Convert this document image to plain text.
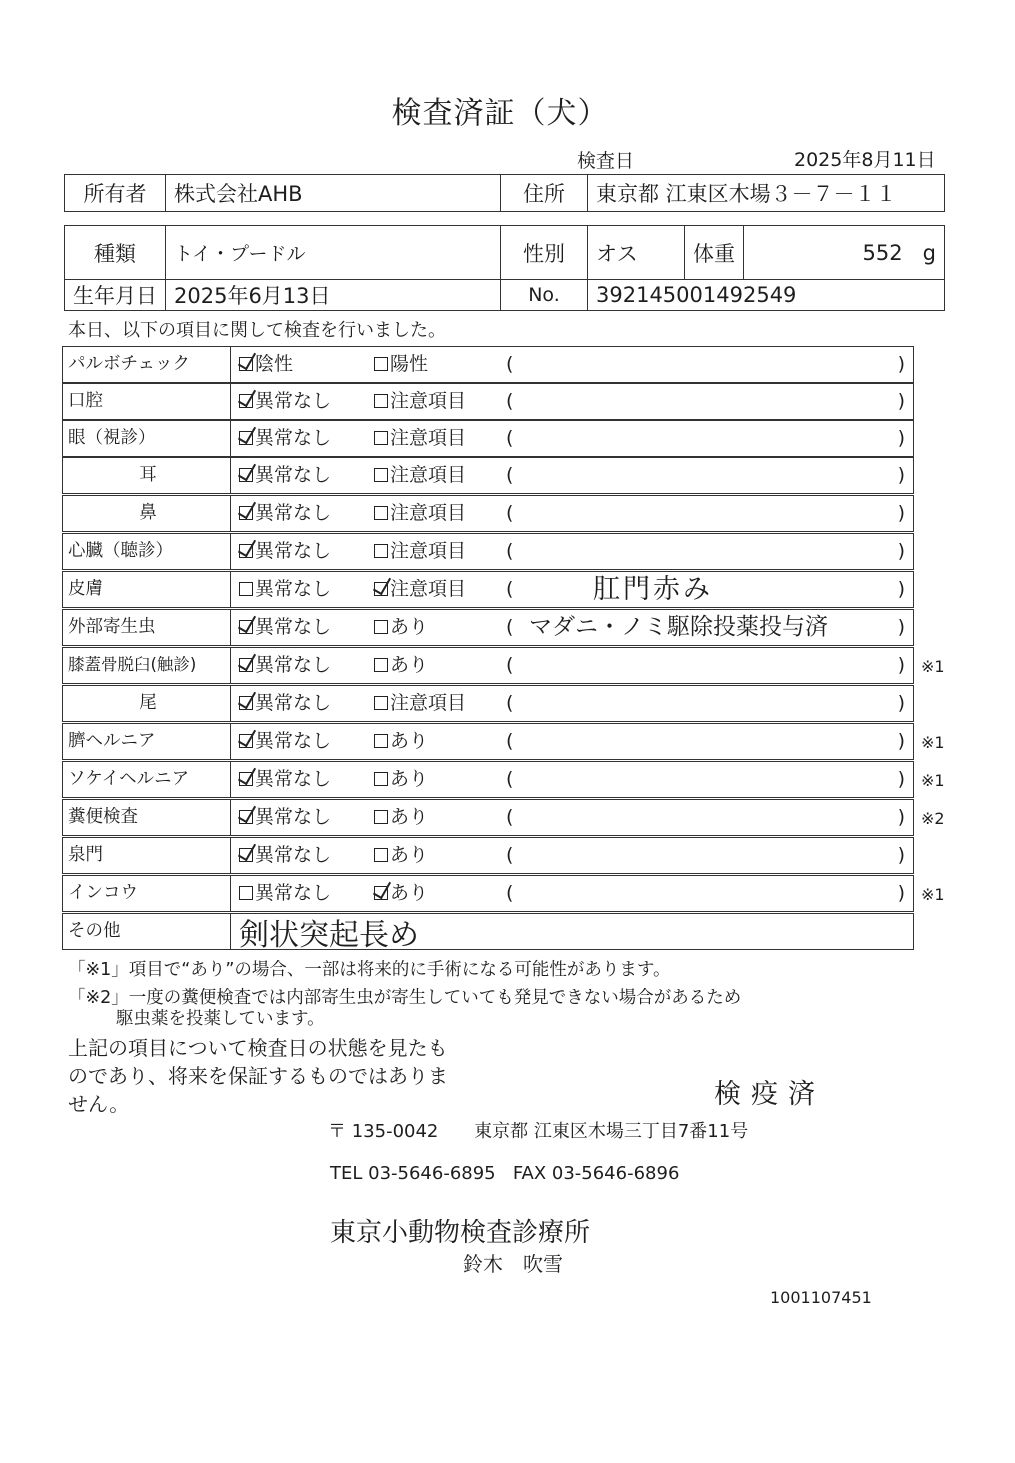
検査済証（犬）
検査日	2025年8月11日
所有者	株式会社AHB	住所	東京都 江東区木場３－７－１１
種類	トイ・プードル	性別	オス	体重	552 g
生年月日	2025年6月13日	No.	392145001492549		
本日、以下の項目に関して検査を行いました。
パルボチェック	陰性	陽性	(	)
口腔	異常なし	注意項目 (	)
眼（視診）	異常なし	注意項目 (	)
耳	異常なし	注意項目 (	)
鼻	異常なし	注意項目 (	)
心臓（聴診）	異常なし	注意項目 (	)
皮膚	異常なし	注意項目 (	肛門赤み	)
外部寄生虫	異常なし	あり	( マダニ・ノミ駆除投薬投与済	)
膝蓋骨脱臼(触診)	異常なし	あり	(	) ※1
尾	異常なし	注意項目 (	)
臍ヘルニア	異常なし	あり	(	) ※1
ソケイヘルニア	異常なし	あり	(	) ※1
糞便検査	異常なし	あり	(	) ※2
泉門	異常なし	あり	(	)
インコウ	異常なし	あり	(	) ※1
その他	剣状突起長め
「※1」項目で“あり”の場合、一部は将来的に手術になる可能性があります。
「※2」一度の糞便検査では内部寄生虫が寄生していても発見できない場合があるため
駆虫薬を投薬しています。
上記の項目について検査日の状態を見たものであり、将来を保証するものではありません。	検疫済
〒 135-0042 東京都 江東区木場三丁目7番11号
TEL 03-5646-6895 FAX 03-5646-6896
東京小動物検査診療所
鈴木　吹雪
1001107451
